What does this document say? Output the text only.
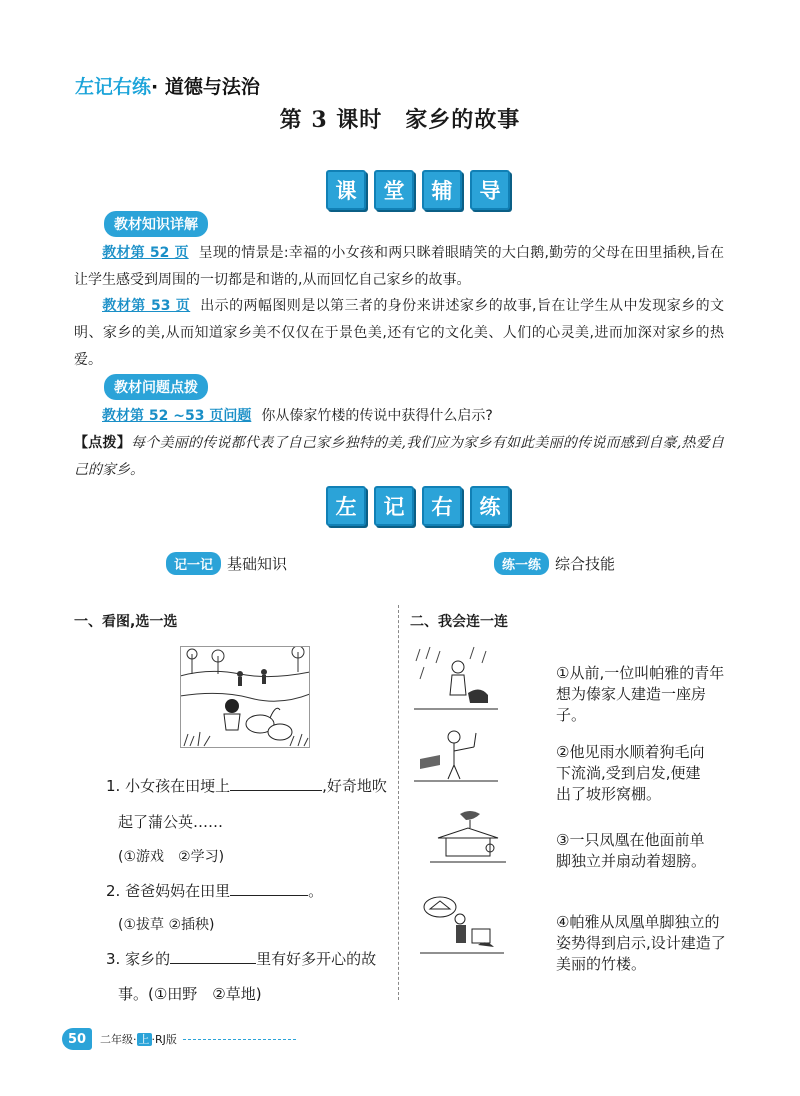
左记右练· 道德与法治
第 3 课时　家乡的故事
课	堂	辅	导
教材知识详解
教材第 52 页 呈现的情景是:幸福的小女孩和两只眯着眼睛笑的大白鹅,勤劳的父母在田里插秧,旨在让学生感受到周围的一切都是和谐的,从而回忆自己家乡的故事。
教材第 53 页 出示的两幅图则是以第三者的身份来讲述家乡的故事,旨在让学生从中发现家乡的文明、家乡的美,从而知道家乡美不仅仅在于景色美,还有它的文化美、人们的心灵美,进而加深对家乡的热爱。
教材问题点拨
教材第 52 ~53 页问题 你从傣家竹楼的传说中获得什么启示?
【点拨】每个美丽的传说都代表了自己家乡独特的美,我们应为家乡有如此美丽的传说而感到自豪,热爱自己的家乡。
左	记	右	练
记一记 基础知识	练一练 综合技能
一、看图,选一选
1. 小女孩在田埂上	,好奇地吹
起了蒲公英……
(①游戏　②学习)
2. 爸爸妈妈在田里	。
(①拔草 ②插秧)
3. 家乡的	里有好多开心的故
事。(①田野　②草地)
二、我会连一连
①从前,一位叫帕雅的青年想为傣家人建造一座房子。
②他见雨水顺着狗毛向下流淌,受到启发,便建出了坡形窝棚。
③一只凤凰在他面前单脚独立并扇动着翅膀。
④帕雅从凤凰单脚独立的姿势得到启示,设计建造了美丽的竹楼。
50	二年级· 上 ·RJ版
